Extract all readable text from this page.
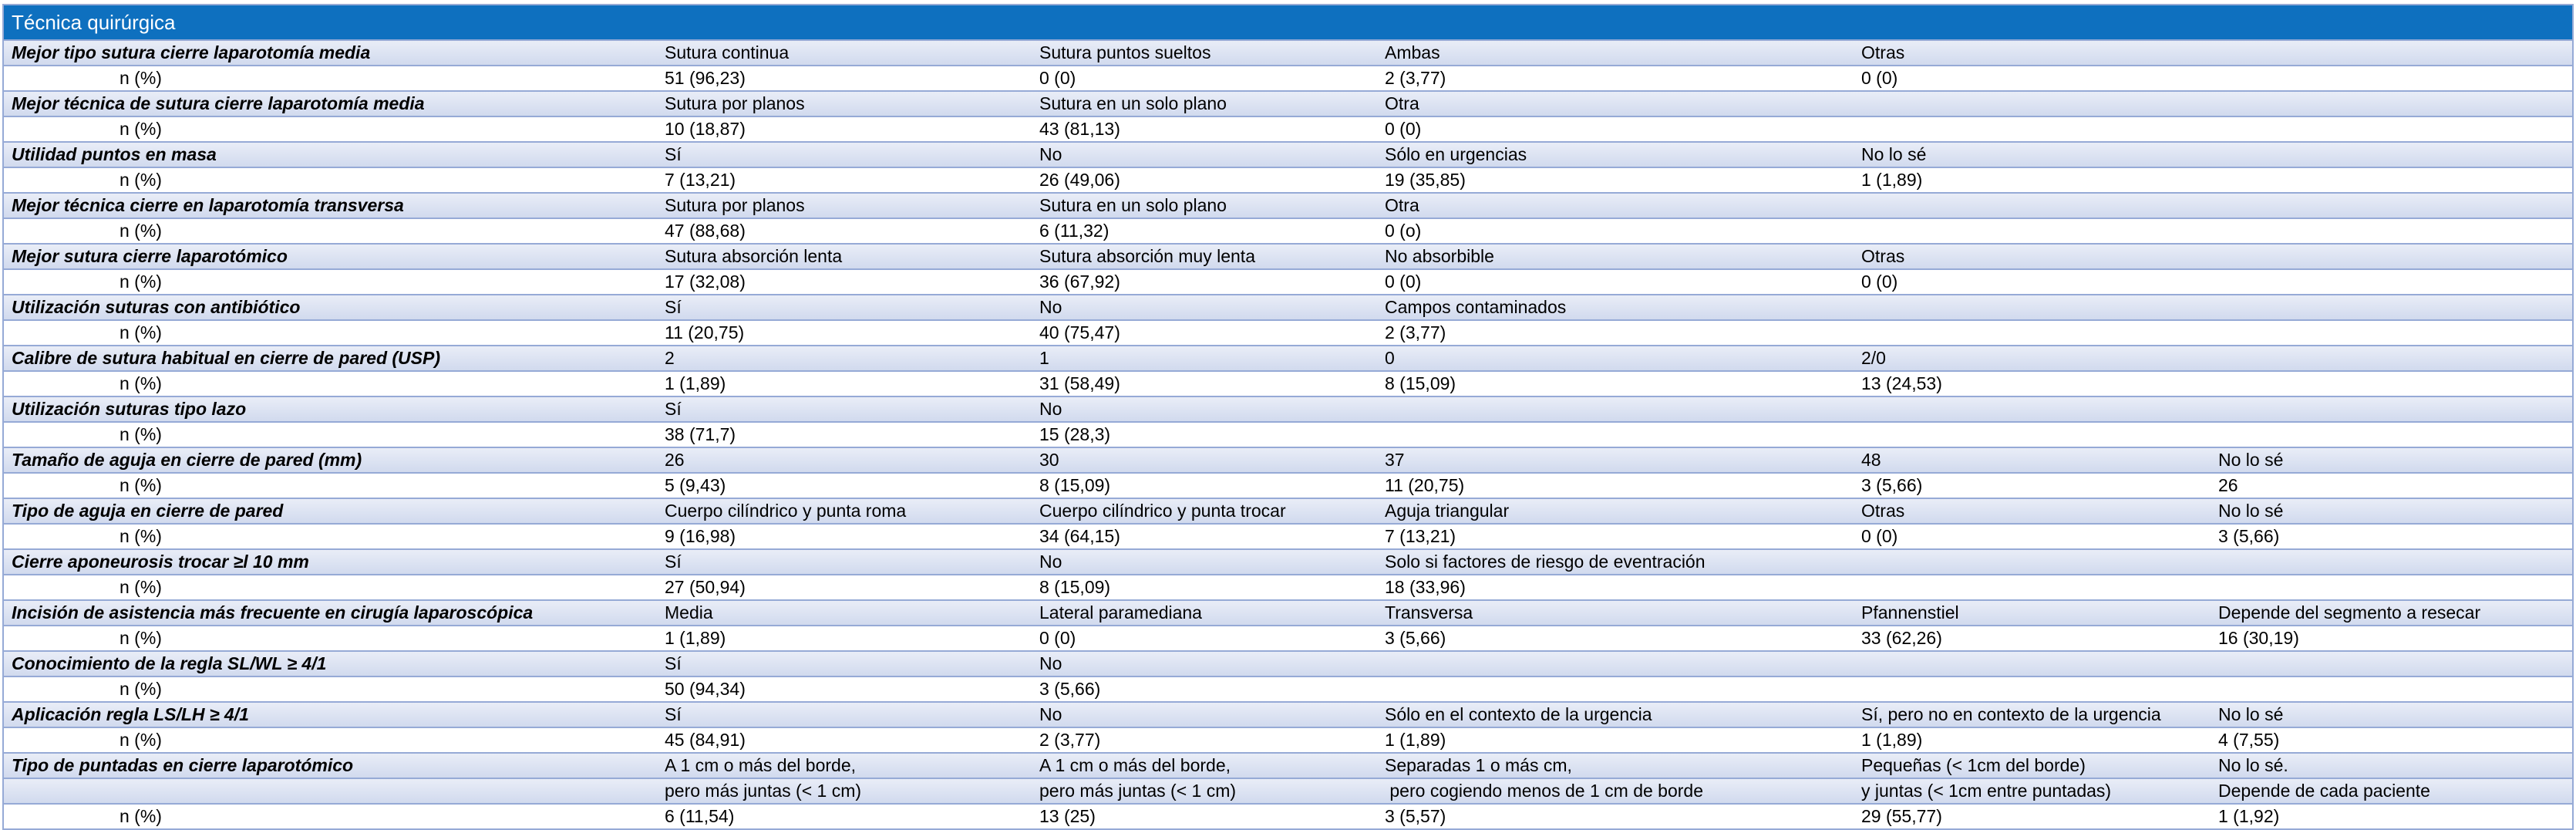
Técnica quirúrgica					
Mejor tipo sutura cierre laparotomía media	Sutura continua	Sutura puntos sueltos	Ambas	Otras	
n (%)	51 (96,23)	0 (0)	2 (3,77)	0 (0)	
Mejor técnica de sutura cierre laparotomía media	Sutura por planos	Sutura en un solo plano	Otra		
n (%)	10 (18,87)	43 (81,13)	0 (0)		
Utilidad puntos en masa	Sí	No	Sólo en urgencias	No lo sé	
n (%)	7 (13,21)	26 (49,06)	19 (35,85)	1 (1,89)	
Mejor técnica cierre en laparotomía transversa	Sutura por planos	Sutura en un solo plano	Otra		
n (%)	47 (88,68)	6 (11,32)	0 (o)		
Mejor sutura cierre laparotómico	Sutura absorción lenta	Sutura absorción muy lenta	No absorbible	Otras	
n (%)	17 (32,08)	36 (67,92)	0 (0)	0 (0)	
Utilización suturas con antibiótico	Sí	No	Campos contaminados		
n (%)	11 (20,75)	40 (75,47)	2 (3,77)		
Calibre de sutura habitual en cierre de pared (USP)	2	1	0	2/0	
n (%)	1 (1,89)	31 (58,49)	8 (15,09)	13 (24,53)	
Utilización suturas tipo lazo	Sí	No			
n (%)	38 (71,7)	15 (28,3)			
Tamaño de aguja en cierre de pared (mm)	26	30	37	48	No lo sé
n (%)	5 (9,43)	8 (15,09)	11 (20,75)	3 (5,66)	26
Tipo de aguja en cierre de pared	Cuerpo cilíndrico y punta roma	Cuerpo cilíndrico y punta trocar	Aguja triangular	Otras	No lo sé
n (%)	9 (16,98)	34 (64,15)	7 (13,21)	0 (0)	3 (5,66)
Cierre aponeurosis trocar ≥l 10 mm	Sí	No	Solo si factores de riesgo de eventración		
n (%)	27 (50,94)	8 (15,09)	18 (33,96)		
Incisión de asistencia más frecuente en cirugía laparoscópica	Media	Lateral paramediana	Transversa	Pfannenstiel	Depende del segmento a resecar
n (%)	1 (1,89)	0 (0)	3 (5,66)	33 (62,26)	16 (30,19)
Conocimiento de la regla SL/WL ≥ 4/1	Sí	No			
n (%)	50 (94,34)	3 (5,66)			
Aplicación regla LS/LH ≥ 4/1	Sí	No	Sólo en el contexto de la urgencia	Sí, pero no en contexto de la urgencia	No lo sé
n (%)	45 (84,91)	2 (3,77)	1 (1,89)	1 (1,89)	4 (7,55)
Tipo de puntadas en cierre laparotómico	A 1 cm o más del borde,	A 1 cm o más del borde,	Separadas 1 o más cm,	Pequeñas (< 1cm del borde)	No lo sé.
	pero más juntas (< 1 cm)	pero más juntas (< 1 cm)	pero cogiendo menos de 1 cm de borde	y juntas (< 1cm entre puntadas)	Depende de cada paciente
n (%)	6 (11,54)	13 (25)	3 (5,57)	29 (55,77)	1 (1,92)
